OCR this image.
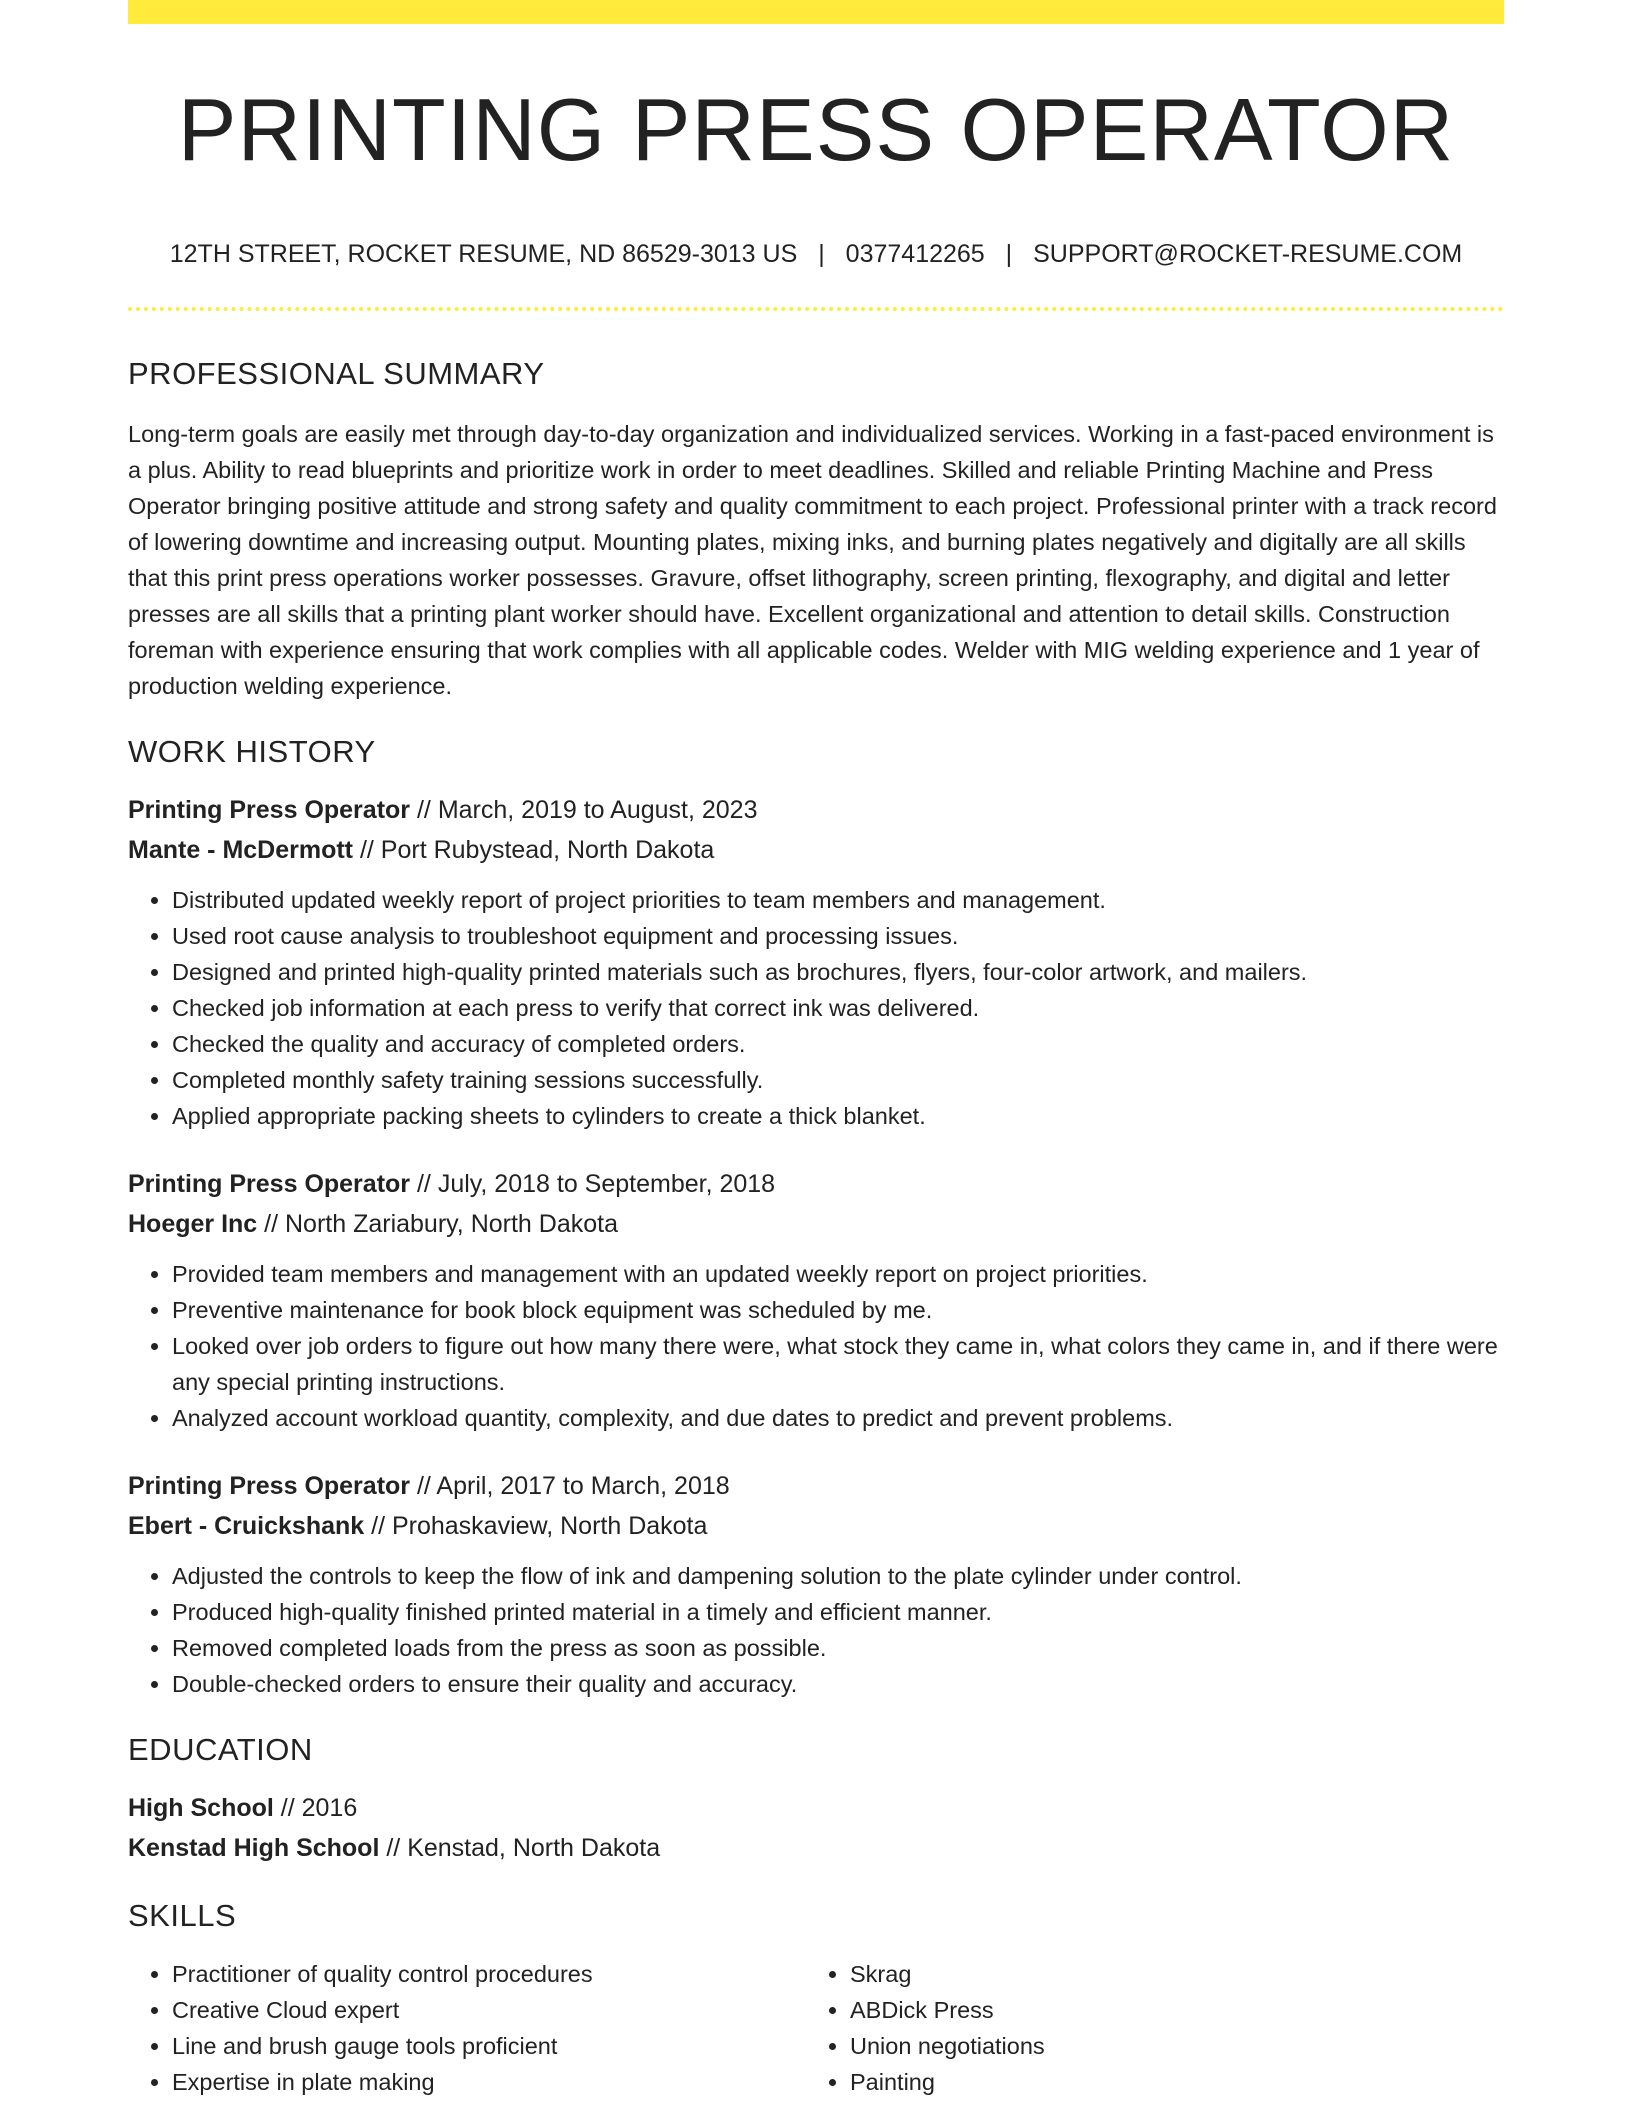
PRINTING PRESS OPERATOR
12TH STREET, ROCKET RESUME, ND 86529-3013 US | 0377412265 | SUPPORT@ROCKET-RESUME.COM
PROFESSIONAL SUMMARY

Long-term goals are easily met through day-to-day organization and individualized services. Working in a fast-paced environment is a plus. Ability to read blueprints and prioritize work in order to meet deadlines. Skilled and reliable Printing Machine and Press Operator bringing positive attitude and strong safety and quality commitment to each project. Professional printer with a track record of lowering downtime and increasing output. Mounting plates, mixing inks, and burning plates negatively and digitally are all skills that this print press operations worker possesses. Gravure, offset lithography, screen printing, flexography, and digital and letter presses are all skills that a printing plant worker should have. Excellent organizational and attention to detail skills. Construction foreman with experience ensuring that work complies with all applicable codes. Welder with MIG welding experience and 1 year of production welding experience.

WORK HISTORY
Printing Press Operator // March, 2019 to August, 2023
Mante - McDermott // Port Rubystead, North Dakota
• Distributed updated weekly report of project priorities to team members and management.
• Used root cause analysis to troubleshoot equipment and processing issues.
• Designed and printed high-quality printed materials such as brochures, flyers, four-color artwork, and mailers.
• Checked job information at each press to verify that correct ink was delivered.
• Checked the quality and accuracy of completed orders.
• Completed monthly safety training sessions successfully.
• Applied appropriate packing sheets to cylinders to create a thick blanket.
Printing Press Operator // July, 2018 to September, 2018
Hoeger Inc // North Zariabury, North Dakota
• Provided team members and management with an updated weekly report on project priorities.
• Preventive maintenance for book block equipment was scheduled by me.
• Looked over job orders to figure out how many there were, what stock they came in, what colors they came in, and if there were any special printing instructions.
• Analyzed account workload quantity, complexity, and due dates to predict and prevent problems.
Printing Press Operator // April, 2017 to March, 2018
Ebert - Cruickshank // Prohaskaview, North Dakota
• Adjusted the controls to keep the flow of ink and dampening solution to the plate cylinder under control.
• Produced high-quality finished printed material in a timely and efficient manner.
• Removed completed loads from the press as soon as possible.
• Double-checked orders to ensure their quality and accuracy.
EDUCATION
High School // 2016
Kenstad High School // Kenstad, North Dakota
SKILLS
• Practitioner of quality control procedures
• Creative Cloud expert
• Line and brush gauge tools proficient
• Expertise in plate making
• Skrag
• ABDick Press
• Union negotiations
• Painting
